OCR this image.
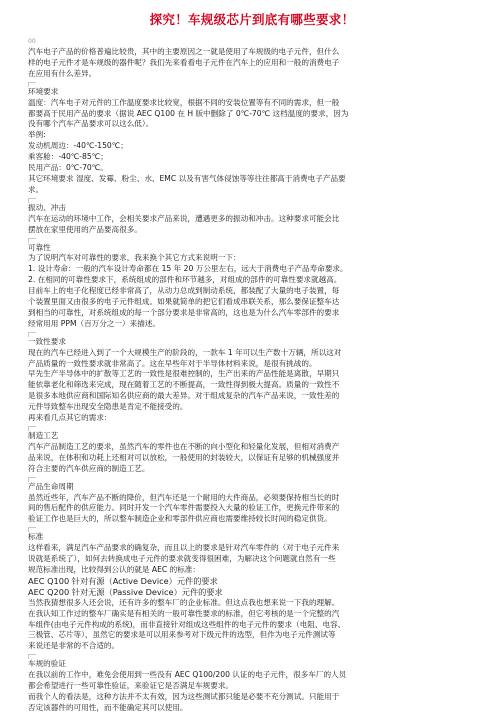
探究！车规级芯片到底有哪些要求！
00
汽车电子产品的价格普遍比较贵，其中的主要原因之一就是使用了车规级的电子元件，但什么
样的电子元件才是车规级的器件呢？我们先来看看电子元件在汽车上的应用和一般的消费电子
在应用有什么差异。
环境要求
温度：汽车电子对元件的工作温度要求比较宽，根据不同的安装位置等有不同的需求，但一般
都要高于民用产品的要求（据说 AEC Q100 在 H 版中删除了 0℃-70℃ 这档温度的要求，因为
没有哪个汽车产品要求可以这么低）。
举例:
发动机周边：-40℃-150℃；
乘客舱：-40℃-85℃；
民用产品：0℃-70℃。
其它环境要求 湿度、发霉、粉尘、水、EMC 以及有害气体侵蚀等等往往都高于消费电子产品要
求。
振动、冲击
汽车在运动的环境中工作，会相关要求产品来说，遭遇更多的振动和冲击。这种要求可能会比
摆放在家里使用的产品要高很多。
可靠性
为了说明汽车对可靠性的要求，我来换个其它方式来说明一下：
1. 设计寿命：一般的汽车设计寿命都在 15 年 20 万公里左右，远大于消费电子产品寿命要求。
2. 在相同的可靠性要求下，系统组成的部件和环节越多，对组成的部件的可靠性要求就越高。
目前车上的电子化程度已经非常高了，从动力总成到制动系统，都装配了大量的电子装置，每
个装置里面又由很多的电子元件组成。如果就简单的把它们看成串联关系，那么要保证整车达
到相当的可靠性，对系统组成的每一个部分要求是非常高的，这也是为什么汽车零部件的要求
经常用用 PPM（百万分之一）来描述。
一致性要求
现在的汽车已经进入到了一个大规模生产的阶段的，一款车 1 年可以生产数十万辆，所以这对
产品质量的一致性要求就非常高了。这在早些年对于半导体材料来说，是很有挑战的。
早先生产半导体中的扩散等工艺的一致性是很难控制的，生产出来的产品性能是离散，早期只
能依靠老化和筛选来完成，现在随着工艺的不断提高，一致性得到极大提高。质量的一致性不
是很多本地供应商和国际知名供应商的最大差异。对于组成复杂的汽车产品来说，一致性差的
元件导致整车出现安全隐患是肯定不能接受的。
再来看几点其它的需求：
制造工艺
汽车产品制造工艺的要求，虽然汽车的零件也在不断的向小型化和轻量化发展，但相对消费产
品来说，在体积和功耗上还相对可以放松，一般使用的封装较大，以保证有足够的机械强度并
符合主要的汽车供应商的制造工艺。
产品生命周期
虽然近些年，汽车产品不断的降价，但汽车还是一个耐用的大件商品，必须要保持相当长的时
间的售后配件的供应能力。同时开发一个汽车零件需要投入大量的验证工作，更换元件带来的
验证工作也是巨大的，所以整车制造企业和零部件供应商也需要维持较长时间的稳定供货。
标准
这样看来，满足汽车产品要求的确复杂，而且以上的要求是针对汽车零件的（对于电子元件来
说就是系统了），如何去转换成电子元件的要求就变得很困难，为解决这个问题就自然有一些
规范标准出现，比较得到公认的就是 AEC 的标准：
AEC Q100 针对有源（Active Device）元件的要求
AEC Q200 针对无源（Passive Device）元件的要求
当然我猜想很多人还会说，还有许多的整车厂的企业标准。但这点我也想来说一下我的理解。
在我认知工作过的整车厂确实是有相关的一般可靠性要求的标准，但它考核的是一个完整的汽
车组件(由电子元件构成的系统)，而非直接针对组成这些组件的电子元件的要求（电阻、电容、
三极管、芯片等），虽然它的要求是可以用来参考对下级元件的选型，但作为电子元件测试等
来说还是非常的不合适的。
车规的验证
在我以前的工作中，难免会使用到一些没有 AEC Q100/200 认证的电子元件，很多车厂的人员
都会希望进行一些可靠性验证，来验证它是否满足车规要求。
而我个人的看法是，这种方法并不太有效，因为这些测试都只能是必要不充分测试。只能用于
否定该器件的可用性，而不能确定其可以使用。
